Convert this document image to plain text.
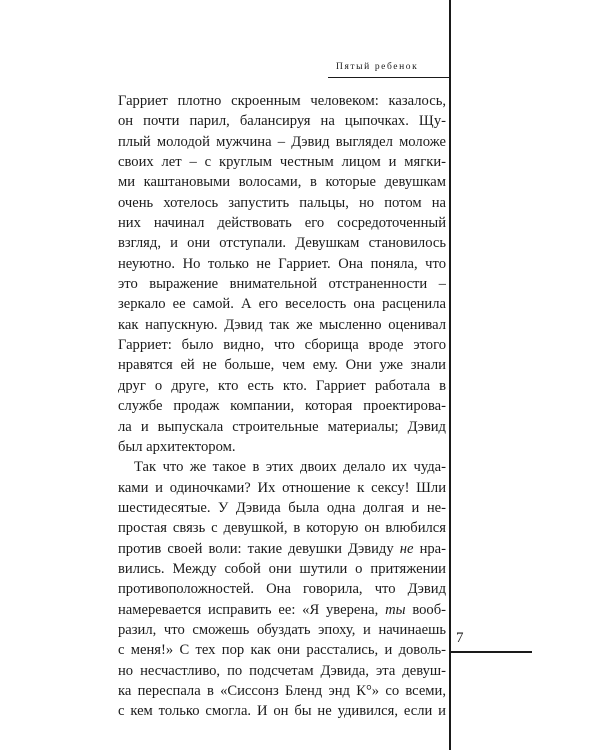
Пятый ребенок
Гарриет плотно скроенным человеком: казалось,
он почти парил, балансируя на цыпочках. Щу-
плый молодой мужчина – Дэвид выглядел моложе
своих лет – с круглым честным лицом и мягки-
ми каштановыми волосами, в которые девушкам
очень хотелось запустить пальцы, но потом на
них начинал действовать его сосредоточенный
взгляд, и они отступали. Девушкам становилось
неуютно. Но только не Гарриет. Она поняла, что
это выражение внимательной отстраненности –
зеркало ее самой. А его веселость она расценила
как напускную. Дэвид так же мысленно оценивал
Гарриет: было видно, что сборища вроде этого
нравятся ей не больше, чем ему. Они уже знали
друг о друге, кто есть кто. Гарриет работала в
службе продаж компании, которая проектирова-
ла и выпускала строительные материалы; Дэвид
был архитектором.
Так что же такое в этих двоих делало их чуда-
ками и одиночками? Их отношение к сексу! Шли
шестидесятые. У Дэвида была одна долгая и не-
простая связь с девушкой, в которую он влюбился
против своей воли: такие девушки Дэвиду не нра-
вились. Между собой они шутили о притяжении
противоположностей. Она говорила, что Дэвид
намеревается исправить ее: «Я уверена, ты вооб-
разил, что сможешь обуздать эпоху, и начинаешь
с меня!» С тех пор как они расстались, и доволь-
но несчастливо, по подсчетам Дэвида, эта девуш-
ка переспала в «Сиссонз Бленд энд К°» со всеми,
с кем только смогла. И он бы не удивился, если и
7
